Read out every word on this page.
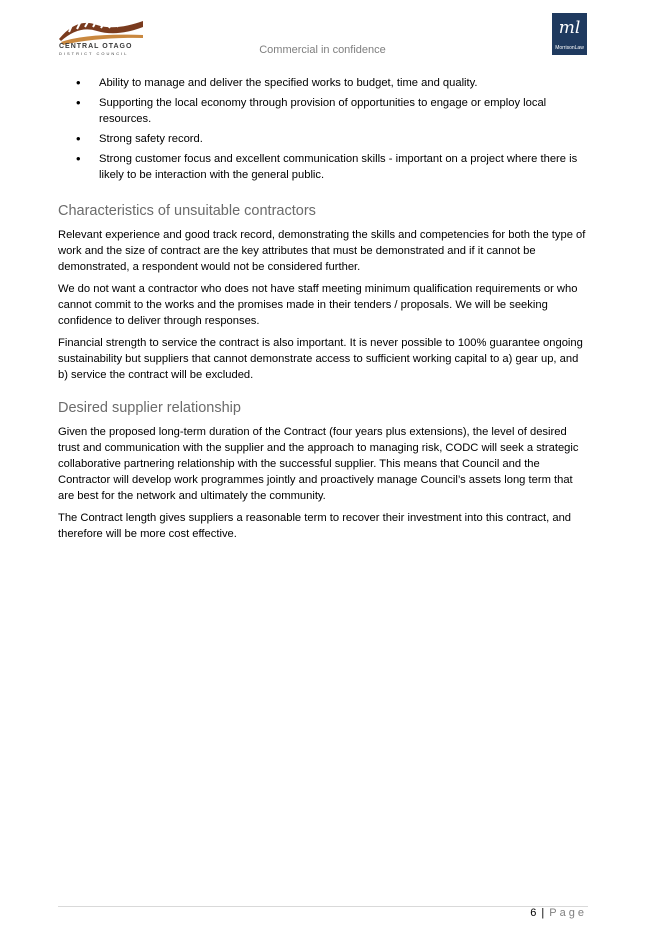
CENTRAL OTAGO
DISTRICT COUNCIL
ml
MorrisonLaw
Commercial in confidence
• Ability to manage and deliver the specified works to budget, time and quality.
• Supporting the local economy through provision of opportunities to engage or employ local resources.
• Strong safety record.
• Strong customer focus and excellent communication skills - important on a project where there is likely to be interaction with the general public.
Characteristics of unsuitable contractors

Relevant experience and good track record, demonstrating the skills and competencies for both the type of work and the size of contract are the key attributes that must be demonstrated and if it cannot be demonstrated, a respondent would not be considered further.

We do not want a contractor who does not have staff meeting minimum qualification requirements or who cannot commit to the works and the promises made in their tenders / proposals. We will be seeking confidence to deliver through responses.

Financial strength to service the contract is also important. It is never possible to 100% guarantee ongoing sustainability but suppliers that cannot demonstrate access to sufficient working capital to a) gear up, and b) service the contract will be excluded.

Desired supplier relationship

Given the proposed long-term duration of the Contract (four years plus extensions), the level of desired trust and communication with the supplier and the approach to managing risk, CODC will seek a strategic collaborative partnering relationship with the successful supplier. This means that Council and the Contractor will develop work programmes jointly and proactively manage Council’s assets long term that are best for the network and ultimately the community.

The Contract length gives suppliers a reasonable term to recover their investment into this contract, and therefore will be more cost effective.

6 | Page
